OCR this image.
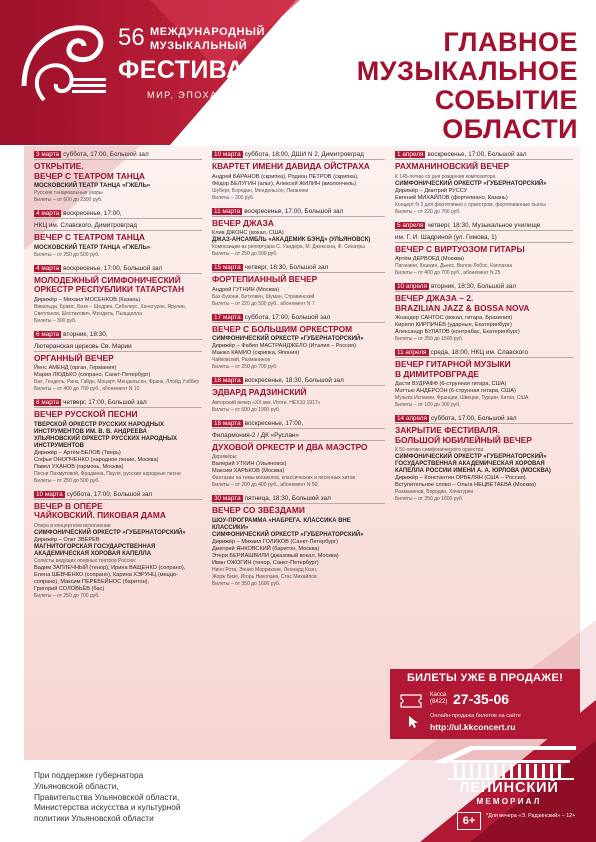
56 МЕЖДУНАРОДНЫЙ
МУЗЫКАЛЬНЫЙ
ФЕСТИВАЛЬ
МИР, ЭПОХА, ИМЕНА...
ГЛАВНОЕ
МУЗЫКАЛЬНОЕ
СОБЫТИЕ ОБЛАСТИ
3 марта суббота, 17:00, Большой зал
ОТКРЫТИЕ.
ВЕЧЕР С ТЕАТРОМ ТАНЦА
МОСКОВСКИЙ ТЕАТР ТАНЦА «ГЖЕЛЬ»
Русские танцевальные узоры
Билеты – от 600 до 2300 руб.
4 марта воскресенье, 17:00,
НКЦ им. Славского, Димитровград
ВЕЧЕР С ТЕАТРОМ ТАНЦА
МОСКОВСКИЙ ТЕАТР ТАНЦА «ГЖЕЛЬ»
Билеты – от 250 до 500 руб.
4 марта воскресенье, 17:00, Большой зал
МОЛОДЕЖНЫЙ СИМФОНИЧЕСКИЙ
ОРКЕСТР РЕСПУБЛИКИ ТАТАРСТАН
Дирижёр – Михаил МОСЕНКОВ (Казань)
Вивальди, Брамс, Бизе – Щедрин, Сибелиус, Хачатурян, Ярулин, Светланов, Шостакович, Мендель, Пьяццолла
Билеты – 300 руб.
6 марта вторник, 18:30,
Лютеранская церковь Св. Марии
ОРГАННЫЙ ВЕЧЕР
Йенс АМЕНД (орган, Германия)
Мария ЛЮДЬКО (сопрано, Санкт-Петербург)
Бах, Гендель, Ринк, Гайдн, Моцарт, Мендельсон, Франк, Ллойд Уэббер
Билеты – от 400 до 700 руб., абонемент N 10
8 марта четверг, 17:00, Большой зал
ВЕЧЕР РУССКОЙ ПЕСНИ
ТВЕРСКОЙ ОРКЕСТР РУССКИХ НАРОДНЫХ ИНСТРУМЕНТОВ ИМ. В. В. АНДРЕЕВА
УЛЬЯНОВСКИЙ ОРКЕСТР РУССКИХ НАРОДНЫХ ИНСТРУМЕНТОВ
Дирижёр – Артём БЕЛОВ (Тверь)
Софья ОНОПЧЕНКО (народное пение, Москва)
Павел УХАНОВ (гармонь, Москва)
Песни Пахмутовой, Фрадкина, Пауля, русские народные песни
Билеты – от 250 до 500 руб.
10 марта суббота, 17:00, Большой зал
ВЕЧЕР В ОПЕРЕ
ЧАЙКОВСКИЙ. ПИКОВАЯ ДАМА
Опера в концертном исполнении
СИМФОНИЧЕСКИЙ ОРКЕСТР «ГУБЕРНАТОРСКИЙ»
Дирижёр – Олег ЗВЕРЕВ
МАГНИТОГОРСКАЯ ГОСУДАРСТВЕННАЯ АКАДЕМИЧЕСКАЯ ХОРОВАЯ КАПЕЛЛА
Солисты ведущих оперных театров России:
Вадим ЗАПЛЕЧНЫЙ (тенор), Ирина ВАЩЕНКО (сопрано),
Елена ШЕВЧЕНКО (сопрано), Карина ХЭРУНЦ (меццо-сопрано), Максим ПЕРЕБЕЙНОС (баритон),
Григорий СОЛОВЬЁВ (бас)
Билеты – от 250 до 700 руб.
10 марта суббота, 18:00, ДШИ N 2, Димитровград
КВАРТЕТ ИМЕНИ ДАВИДА ОЙСТРАХА
Андрей БАРАНОВ (скрипка), Родион ПЕТРОВ (скрипка),
Фёдор БЕЛУГИН (альт), Алексей ЖИЛИН (виолончель)
Шуберт, Бородин, Мендельсон, Паганини
Билеты – 300 руб.
11 марта воскресенье, 17:00, Большой зал
ВЕЧЕР ДЖАЗА
Клив ДЖОНС (вокал, США)
ДЖАЗ-АНСАМБЛЬ «АКАДЕМИК БЭНД» (УЛЬЯНОВСК)
Композиции из репертуара С. Уандера, М. Джексона, Ф. Синатры
Билеты – от 250 до 500 руб.
15 марта четверг, 18:30, Большой зал
ФОРТЕПИАННЫЙ ВЕЧЕР
Андрей ГУГНИН (Москва)
Бах-Бузони, Бетховен, Шуман, Стравинский
Билеты – от 220 до 500 руб., абонемент N 7
17 марта суббота, 17:00, Большой зал
ВЕЧЕР С БОЛЬШИМ ОРКЕСТРОМ
СИМФОНИЧЕСКИЙ ОРКЕСТР «ГУБЕРНАТОРСКИЙ»
Дирижёр – Фабио МАСТРАНДЖЕЛО (Италия – Россия)
Маюко КАМИО (скрипка, Япония)
Чайковский, Рахманинов
Билеты – от 250 до 700 руб.
18 марта воскресенье, 18:30, Большой зал
ЭДВАРД РАДЗИНСКИЙ
Авторский вечер «XX век. Итоги. НЕХ10 1917»
Билеты – от 600 до 1900 руб.
18 марта воскресенье, 17:00,
Филармония-2 / ДК «Руслан»
ДУХОВОЙ ОРКЕСТР И ДВА МАЭСТРО
Дирижёры:
Валерий УТКИН (Ульяновск)
Максим ХАРЬКОВ (Москва)
Фантазии на темы мюзиклов, классических и песенных хитов
Билеты – от 200 до 400 руб., абонемент N 50
30 марта пятница, 18:30, Большой зал
ВЕЧЕР СО ЗВЁЗДАМИ
ШОУ-ПРОГРАММА «НАБРЕГА. КЛАССИКА ВНЕ КЛАССИКИ»
СИМФОНИЧЕСКИЙ ОРКЕСТР «ГУБЕРНАТОРСКИЙ»
Дирижёр – Михаил ГОЛИКОВ (Санкт-Петербург)
Дмитрий ЯНКОВСКИЙ (баритон, Москва)
Этери БЕРИАШВИЛИ (джазовый вокал, Москва)
Иван ОЖОГИН (тенор, Санкт-Петербург)
Нино Рота, Эннио Морриконе, Леонард Коэн,
Жорж Бизе, Игорь Николаев, Стас Михайлов
Билеты – от 350 до 1600 руб.
1 апреля воскресенье, 17:00, Большой зал
РАХМАНИНОВСКИЙ ВЕЧЕР
К 145-летию со дня рождения композитора
СИМФОНИЧЕСКИЙ ОРКЕСТР «ГУБЕРНАТОРСКИЙ»
Дирижёр – Дмитрий РУССУ
Евгений МИХАЙЛОВ (фортепиано, Казань)
Концерт N 3 для фортепиано с оркестром, фортепианные пьесы
Билеты – от 220 до 700 руб.
5 апреля четверг, 18:30, Музыкальное училище
им. Г. И. Шадриной (ул. Гимова, 1)
ВЕЧЕР С ВИРТУОЗОМ ГИТАРЫ
Артём ДЕРВОЕД (Москва)
Паганини, Кошкин, Дьенс, Вилла-Лобос, Каплахан
Билеты – от 400 до 700 руб., абонемент N 25
10 апреля вторник, 18:30, Большой зал
ВЕЧЕР ДЖАЗА – 2.
BRAZILIAN JAZZ & BOSSA NOVA
Жоандер САНТОС (вокал, гитара, Бразилия)
Кирилл КИРПИЧЁВ (ударные, Екатеринбург)
Александр БУЛАТОВ (контрабас, Екатеринбург)
Билеты – от 350 до 1500 руб.
11 апреля среда, 18:00, НКЦ им. Славского
ВЕЧЕР ГИТАРНОЙ МУЗЫКИ
В ДИМИТРОВГРАДЕ
Дасти ВУДРАФФ (6-струнная гитара, США)
Мэттью АНДЕРСОН (6-струнная гитара, США)
Музыка Испании, Франции, Швеции, Турции, Китая, США
Билеты – от 100 до 300 руб.
14 апреля суббота, 17:00, Большой зал
ЗАКРЫТИЕ ФЕСТИВАЛЯ.
БОЛЬШОЙ ЮБИЛЕЙНЫЙ ВЕЧЕР
К 50-летию симфонического оркестра
СИМФОНИЧЕСКИЙ ОРКЕСТР «ГУБЕРНАТОРСКИЙ»
ГОСУДАРСТВЕННАЯ АКАДЕМИЧЕСКАЯ ХОРОВАЯ КАПЕЛЛА РОССИИ ИМЕНИ А. А. ЮРЛОВА (МОСКВА)
Дирижёр – Константин ОРБЕЛЯН (США – Россия)
Вступительное слово – Ольга НЕЦВЕТАЕВА (Москва)
Рахманинов, Бородин, Хачатурян
Билеты – от 350 до 1600 руб.
БИЛЕТЫ УЖЕ В ПРОДАЖЕ!
Касса
(8422) 27-35-06
Онлайн-продажа билетов на сайте
http://ul.kkconcert.ru
ЛЕНИНСКИЙ
МЕМОРИАЛ
6+	*Для вечера «Э. Радзинский» – 12+
При поддержке губернатора
Ульяновской области,
Правительства Ульяновской области,
Министерства искусства и культурной
политики Ульяновской области
